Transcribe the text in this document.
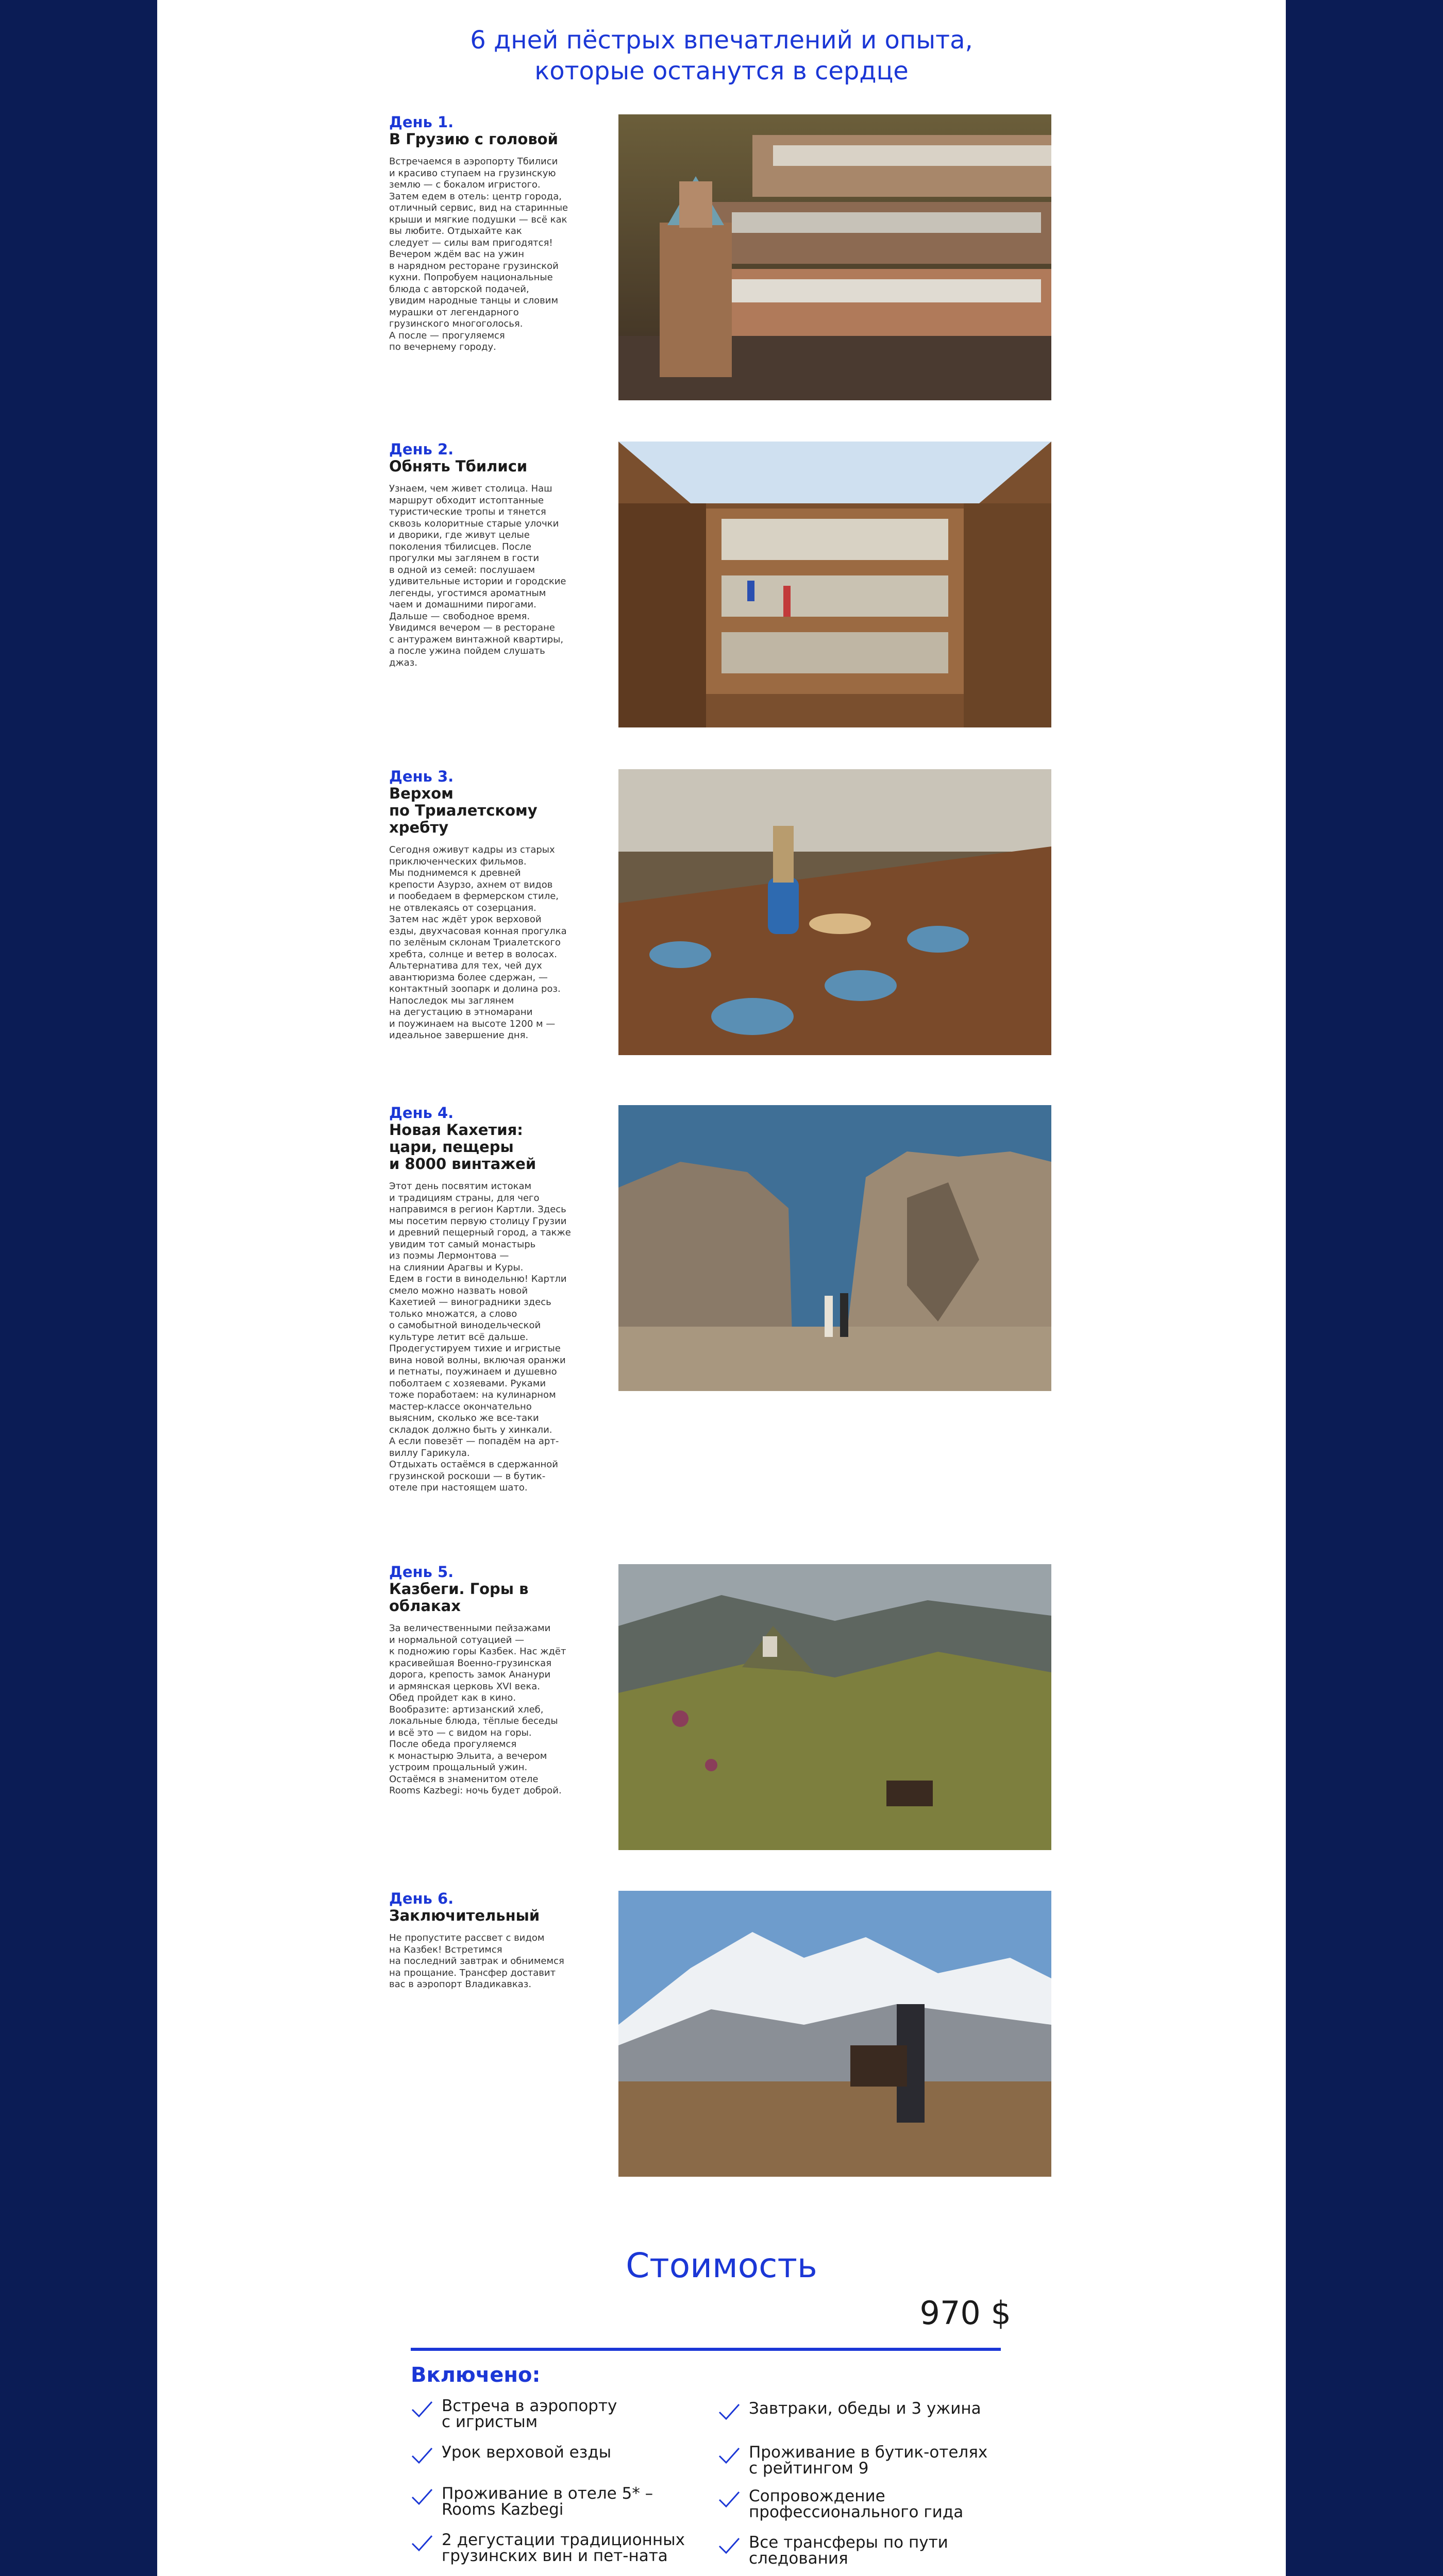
6 дней пёстрых впечатлений и опыта,
которые останутся в сердце
День 1.
В Грузию с головой
Встречаемся в аэропорту Тбилиси
и красиво ступаем на грузинскую
землю — с бокалом игристого.
Затем едем в отель: центр города,
отличный сервис, вид на старинные
крыши и мягкие подушки — всё как
вы любите. Отдыхайте как
следует — силы вам пригодятся!
Вечером ждём вас на ужин
в нарядном ресторане грузинской
кухни. Попробуем национальные
блюда с авторской подачей,
увидим народные танцы и словим
мурашки от легендарного
грузинского многоголосья.
А после — прогуляемся
по вечернему городу.
День 2.
Обнять Тбилиси
Узнаем, чем живет столица. Наш
маршрут обходит истоптанные
туристические тропы и тянется
сквозь колоритные старые улочки
и дворики, где живут целые
поколения тбилисцев. После
прогулки мы заглянем в гости
в одной из семей: послушаем
удивительные истории и городские
легенды, угостимся ароматным
чаем и домашними пирогами.
Дальше — свободное время.
Увидимся вечером — в ресторане
с антуражем винтажной квартиры,
а после ужина пойдем слушать
джаз.
День 3.
Верхом
по Триалетскому
хребту
Сегодня оживут кадры из старых
приключенческих фильмов.
Мы поднимемся к древней
крепости Азурзо, ахнем от видов
и пообедаем в фермерском стиле,
не отвлекаясь от созерцания.
Затем нас ждёт урок верховой
езды, двухчасовая конная прогулка
по зелёным склонам Триалетского
хребта, солнце и ветер в волосах.
Альтернатива для тех, чей дух
авантюризма более сдержан, —
контактный зоопарк и долина роз.
Напоследок мы заглянем
на дегустацию в этномарани
и поужинаем на высоте 1200 м —
идеальное завершение дня.
День 4.
Новая Кахетия:
цари, пещеры
и 8000 винтажей
Этот день посвятим истокам
и традициям страны, для чего
направимся в регион Картли. Здесь
мы посетим первую столицу Грузии
и древний пещерный город, а также
увидим тот самый монастырь
из поэмы Лермонтова —
на слиянии Арагвы и Куры.
Едем в гости в винодельню! Картли
смело можно назвать новой
Кахетией — виноградники здесь
только множатся, а слово
о самобытной винодельческой
культуре летит всё дальше.
Продегустируем тихие и игристые
вина новой волны, включая оранжи
и петнаты, поужинаем и душевно
поболтаем с хозяевами. Руками
тоже поработаем: на кулинарном
мастер-классе окончательно
выясним, сколько же все-таки
складок должно быть у хинкали.
А если повезёт — попадём на арт-
виллу Гарикула.
Отдыхать остаёмся в сдержанной
грузинской роскоши — в бутик-
отеле при настоящем шато.
День 5.
Казбеги. Горы в облаках
За величественными пейзажами
и нормальной сотуацией —
к подножию горы Казбек. Нас ждёт
красивейшая Военно-грузинская
дорога, крепость замок Ананури
и армянская церковь XVI века.
Обед пройдет как в кино.
Вообразите: артизанский хлеб,
локальные блюда, тёплые беседы
и всё это — с видом на горы.
После обеда прогуляемся
к монастырю Эльита, а вечером
устроим прощальный ужин.
Остаёмся в знаменитом отеле
Rooms Kazbegi: ночь будет доброй.
День 6.
Заключительный
Не пропустите рассвет с видом
на Казбек! Встретимся
на последний завтрак и обнимемся
на прощание. Трансфер доставит
вас в аэропорт Владикавказ.
Стоимость
970 $
Включено:
Встреча в аэропорту
с игристым
Урок верховой езды
Проживание в отеле 5* –
Rooms Kazbegi
2 дегустации традиционных
грузинских вин и пет-ната
Завтраки, обеды и 3 ужина
Проживание в бутик-отелях
с рейтингом 9
Сопровождение
профессионального гида
Все трансферы по пути
следования
